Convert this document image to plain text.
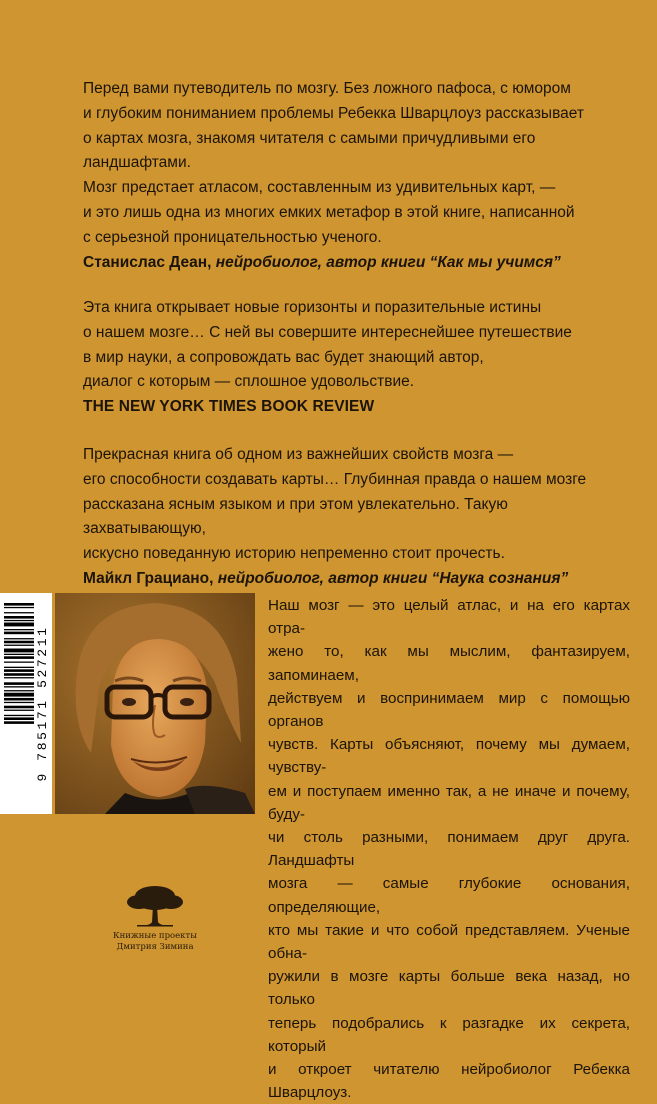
Перед вами путеводитель по мозгу. Без ложного пафоса, с юмором

и глубоким пониманием проблемы Ребекка Шварцлоуз рассказывает

о картах мозга, знакомя читателя с самыми причудливыми его ландшафтами.

Мозг предстает атласом, составленным из удивительных карт, —

и это лишь одна из многих емких метафор в этой книге, написанной

с серьезной проницательностью ученого.

Станислас Деан, нейробиолог, автор книги “Как мы учимся”

Эта книга открывает новые горизонты и поразительные истины

о нашем мозге… С ней вы совершите интереснейшее путешествие

в мир науки, а сопровождать вас будет знающий автор,

диалог с которым — сплошное удовольствие.

THE NEW YORK TIMES BOOK REVIEW

Прекрасная книга об одном из важнейших свойств мозга —

его способности создавать карты… Глубинная правда о нашем мозге

рассказана ясным языком и при этом увлекательно. Такую захватывающую,

искусно поведанную историю непременно стоит прочесть.

Майкл Грациано, нейробиолог, автор книги “Наука сознания”

9 785171 527211
Наш мозг — это целый атлас, и на его картах отра-
жено то, как мы мыслим, фантазируем, запоминаем,
действуем и воспринимаем мир с помощью органов
чувств. Карты объясняют, почему мы думаем, чувству-
ем и поступаем именно так, а не иначе и почему, буду-
чи столь разными, понимаем друг друга. Ландшафты
мозга — самые глубокие основания, определяющие,
кто мы такие и что собой представляем. Ученые обна-
ружили в мозге карты больше века назад, но только
теперь подобрались к разгадке их секрета, который
и откроет читателю нейробиолог Ребекка Шварцлоуз.
Книжные проекты
Дмитрия Зимина
